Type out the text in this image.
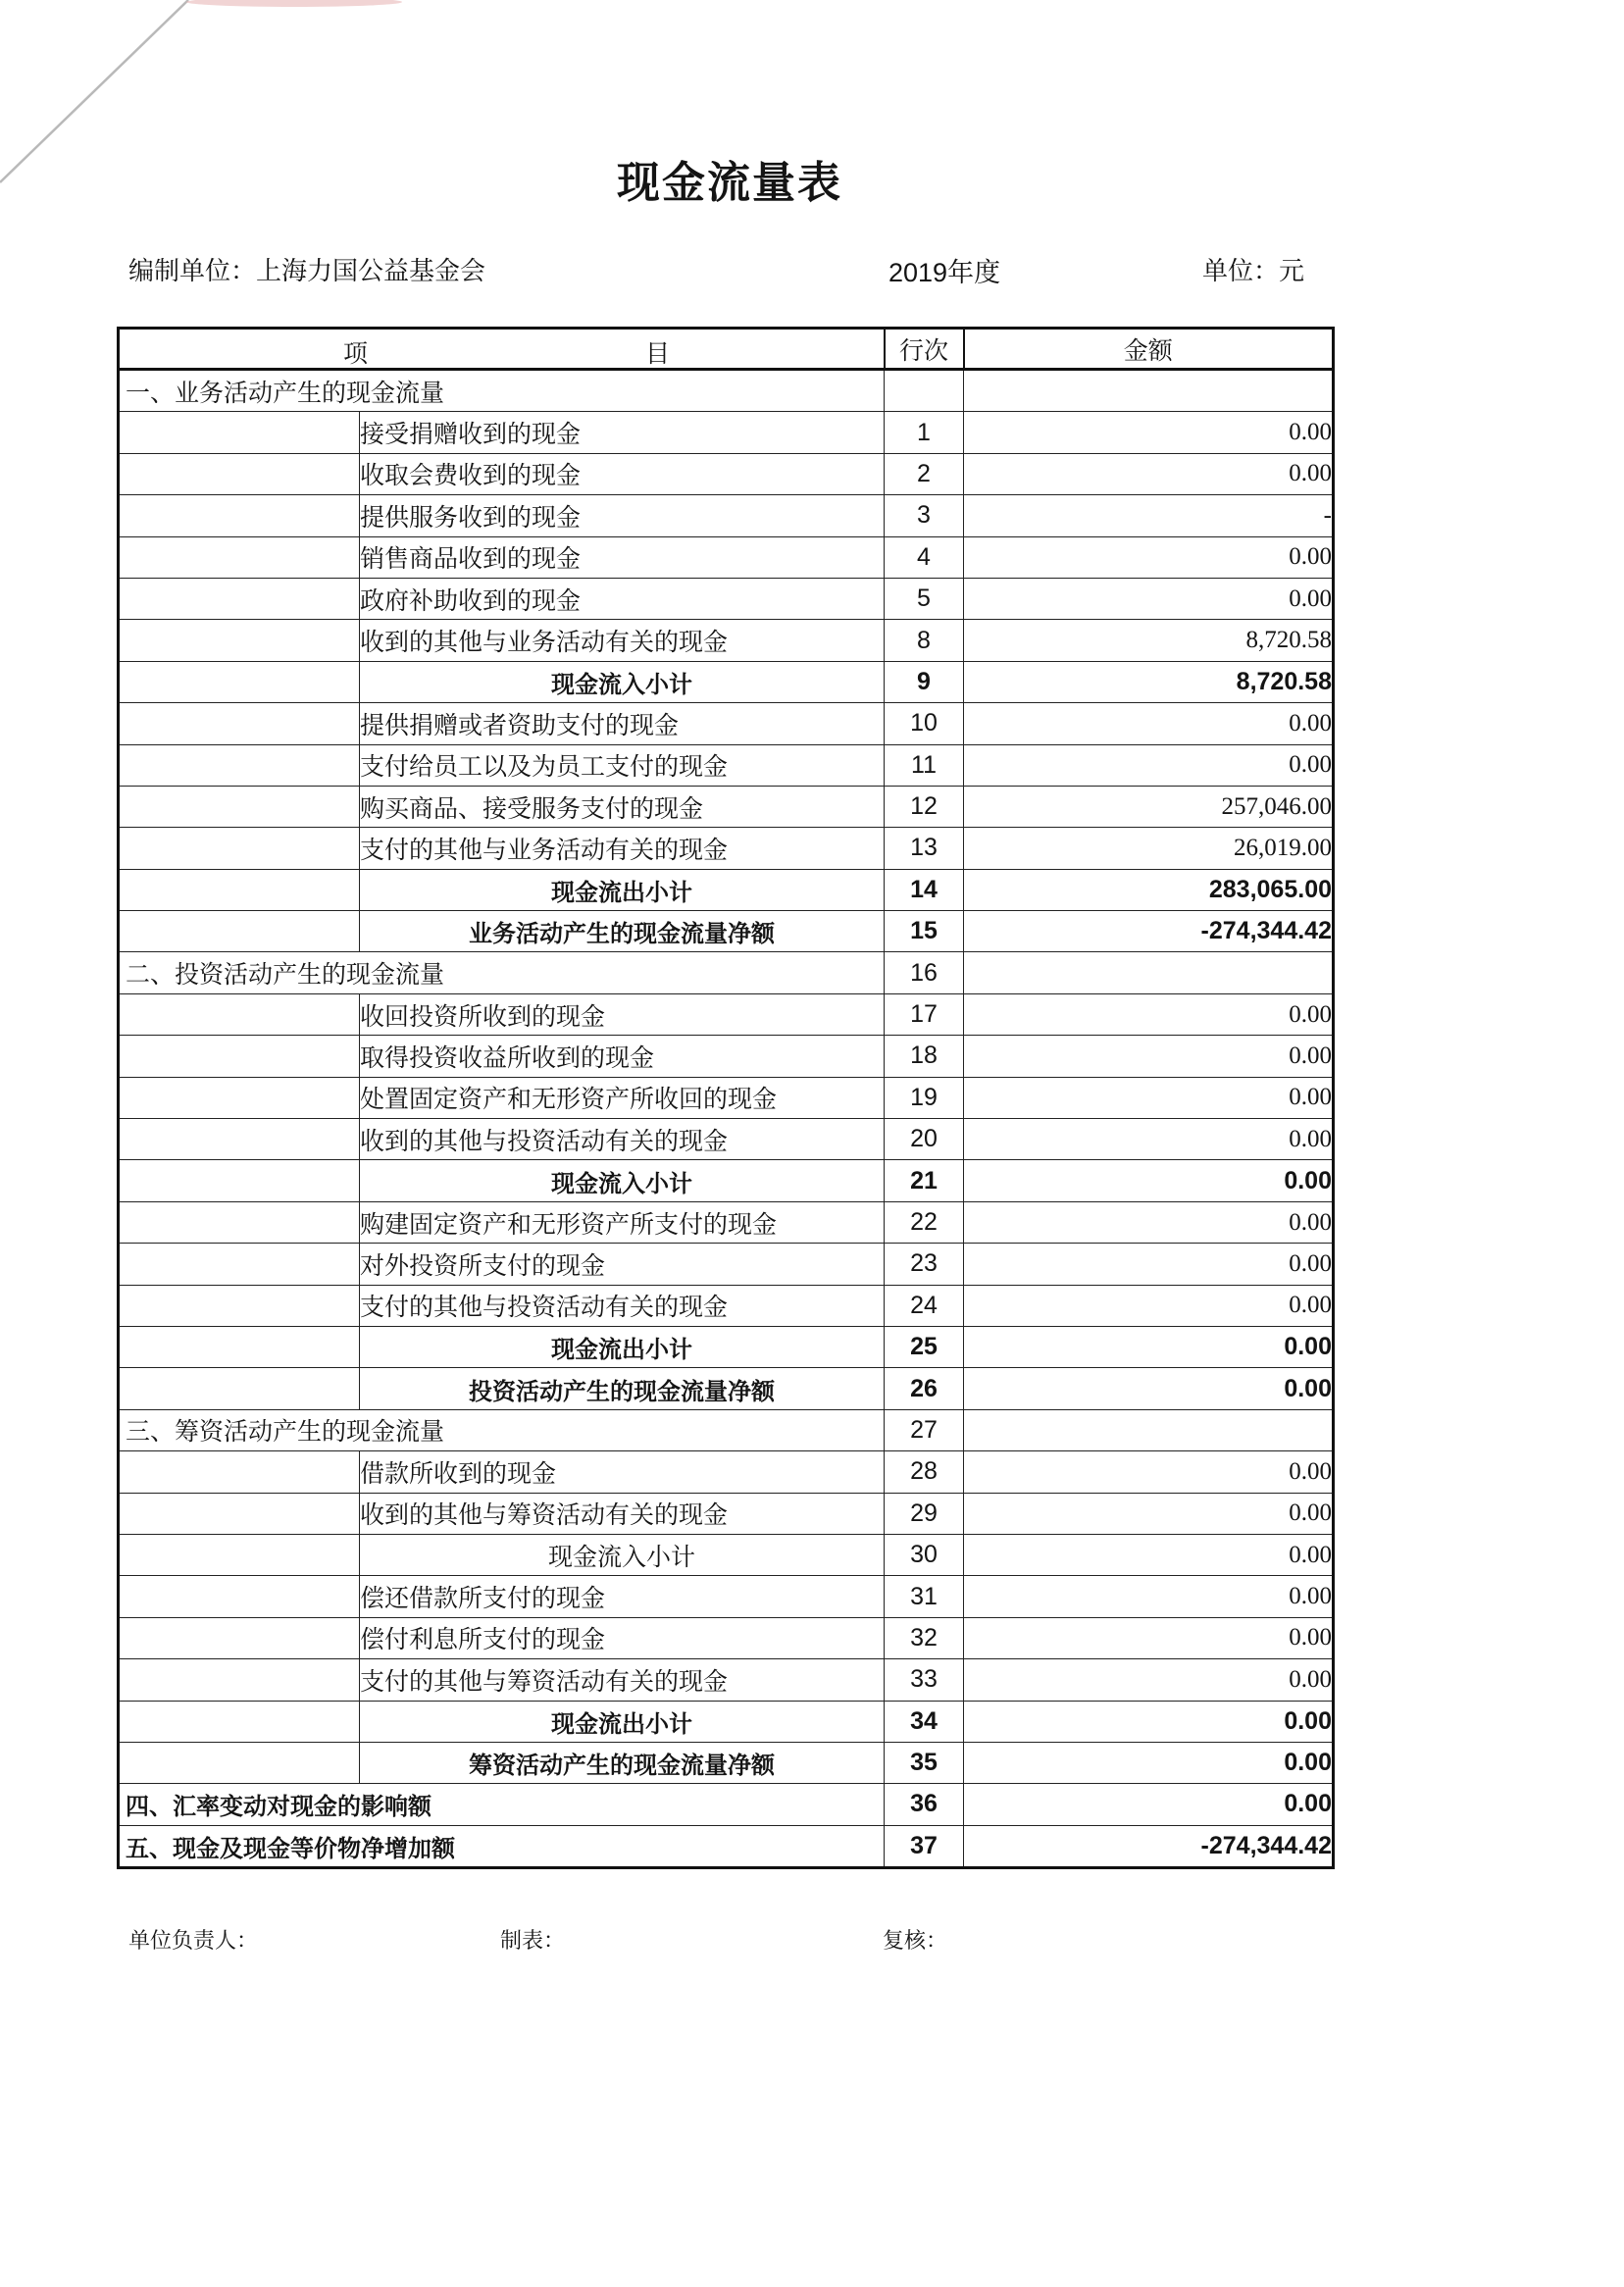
现金流量表
编制单位：上海力国公益基金会	2019年度	单位：元
项 目		行次	金额
一、业务活动产生的现金流量			
	接受捐赠收到的现金	1	0.00
	收取会费收到的现金	2	0.00
	提供服务收到的现金	3	-
	销售商品收到的现金	4	0.00
	政府补助收到的现金	5	0.00
	收到的其他与业务活动有关的现金	8	8,720.58
	现金流入小计	9	8,720.58
	提供捐赠或者资助支付的现金	10	0.00
	支付给员工以及为员工支付的现金	11	0.00
	购买商品、接受服务支付的现金	12	257,046.00
	支付的其他与业务活动有关的现金	13	26,019.00
	现金流出小计	14	283,065.00
	业务活动产生的现金流量净额	15	-274,344.42
二、投资活动产生的现金流量		16	
	收回投资所收到的现金	17	0.00
	取得投资收益所收到的现金	18	0.00
	处置固定资产和无形资产所收回的现金	19	0.00
	收到的其他与投资活动有关的现金	20	0.00
	现金流入小计	21	0.00
	购建固定资产和无形资产所支付的现金	22	0.00
	对外投资所支付的现金	23	0.00
	支付的其他与投资活动有关的现金	24	0.00
	现金流出小计	25	0.00
	投资活动产生的现金流量净额	26	0.00
三、筹资活动产生的现金流量		27	
	借款所收到的现金	28	0.00
	收到的其他与筹资活动有关的现金	29	0.00
	现金流入小计	30	0.00
	偿还借款所支付的现金	31	0.00
	偿付利息所支付的现金	32	0.00
	支付的其他与筹资活动有关的现金	33	0.00
	现金流出小计	34	0.00
	筹资活动产生的现金流量净额	35	0.00
四、汇率变动对现金的影响额		36	0.00
五、现金及现金等价物净增加额		37	-274,344.42
单位负责人：	制表：	复核：
